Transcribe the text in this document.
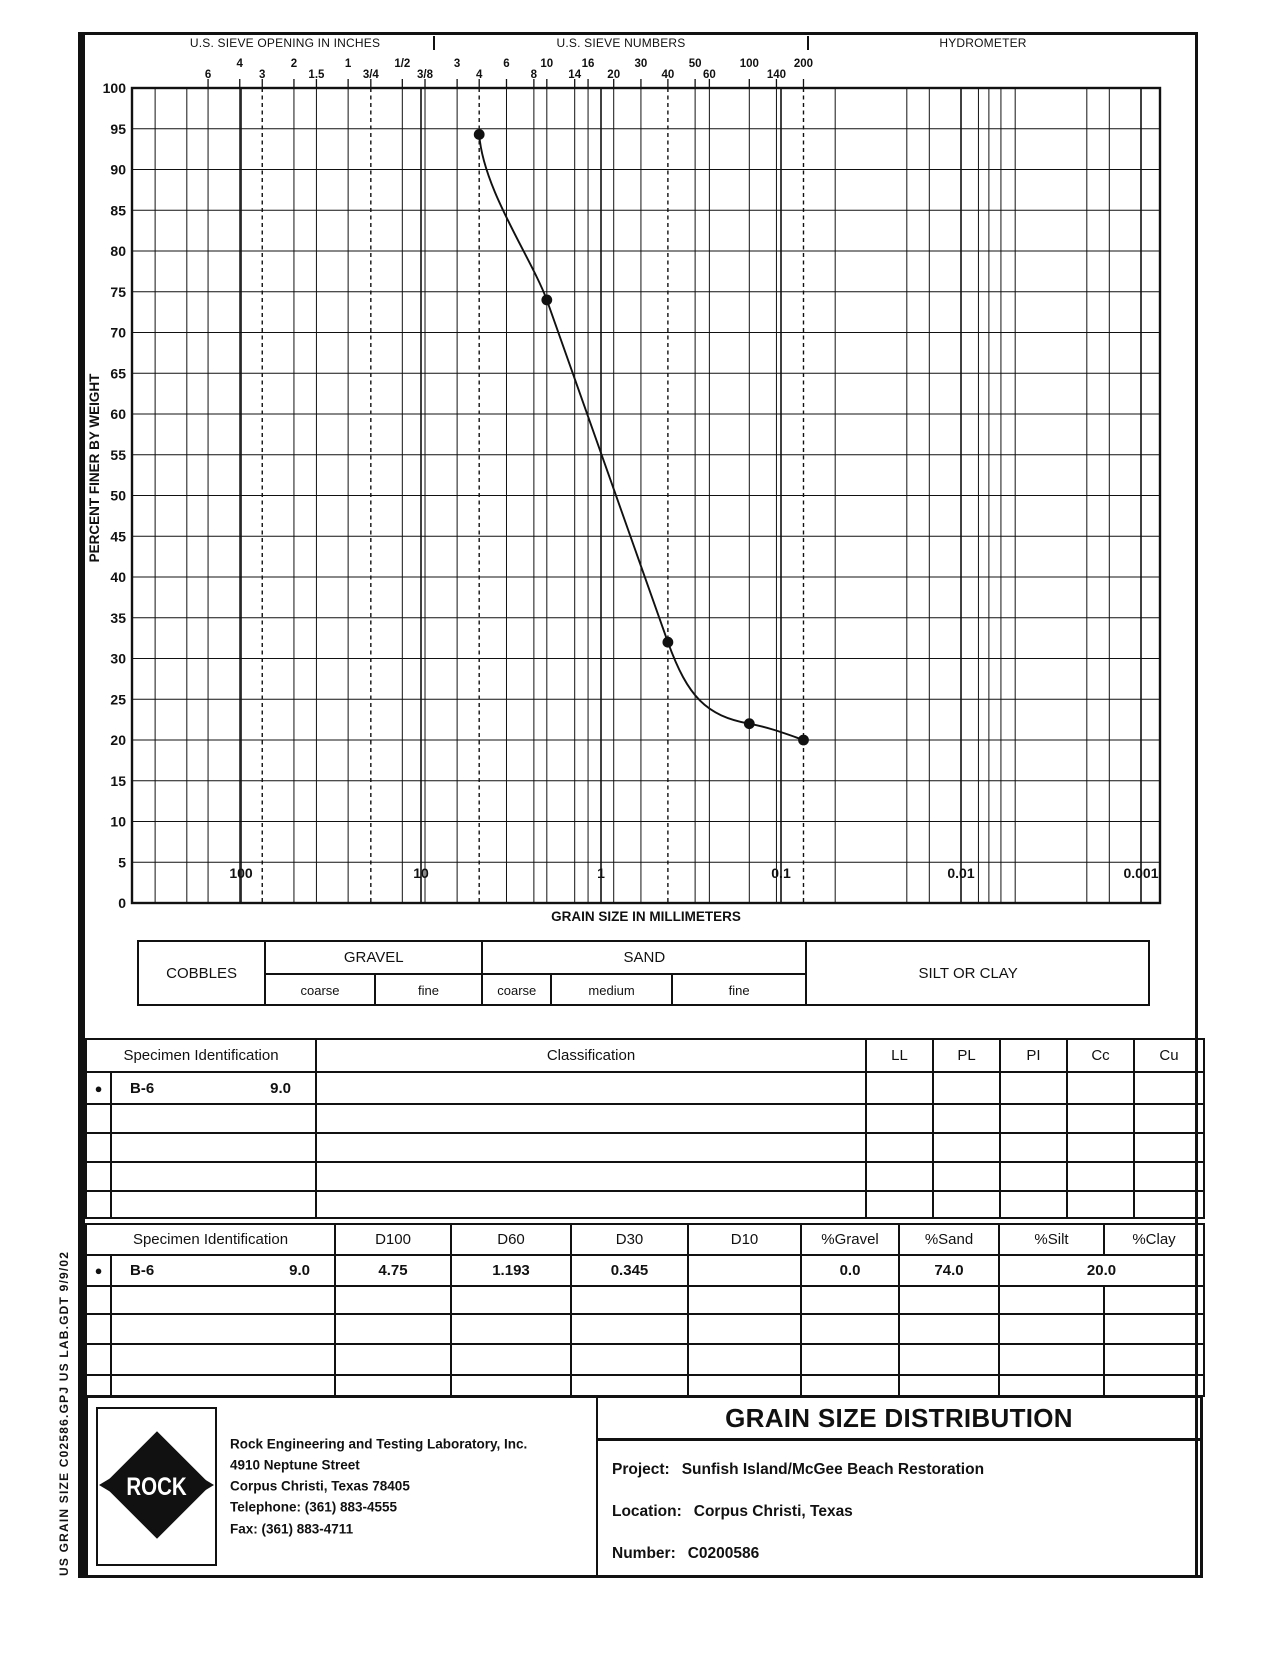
6
4
3
2
1.5
1
3/4
1/2
3/8
3
4
6
8
10
14
16
20
30
40
50
60
100
140
200
100
95
90
85
80
75
70
65
60
55
50
45
40
35
30
25
20
15
10
5
0
100	10	1	0.1	0.01	0.001
PERCENT FINER BY WEIGHT
GRAIN SIZE IN MILLIMETERS
U.S. SIEVE OPENING IN INCHES	U.S. SIEVE NUMBERS	HYDROMETER
COBBLES
GRAVEL
coarse	fine
SAND
coarse	medium	fine
SILT OR CLAY
Specimen Identification		Classification	LL	PL	PI	Cc	Cu
●	B-6 9.0						

Specimen Identification		D100	D60	D30	D10	%Gravel	%Sand	%Silt	%Clay
●	B-6 9.0	4.75	1.193	0.345		0.0	74.0	20.0	

ROCK
Rock Engineering and Testing Laboratory, Inc.
4910 Neptune Street
Corpus Christi, Texas 78405
Telephone: (361) 883-4555
Fax: (361) 883-4711
GRAIN SIZE DISTRIBUTION
Project: Sunfish Island/McGee Beach Restoration
Location: Corpus Christi, Texas
Number: C0200586
US GRAIN SIZE C02586.GPJ US LAB.GDT 9/9/02
